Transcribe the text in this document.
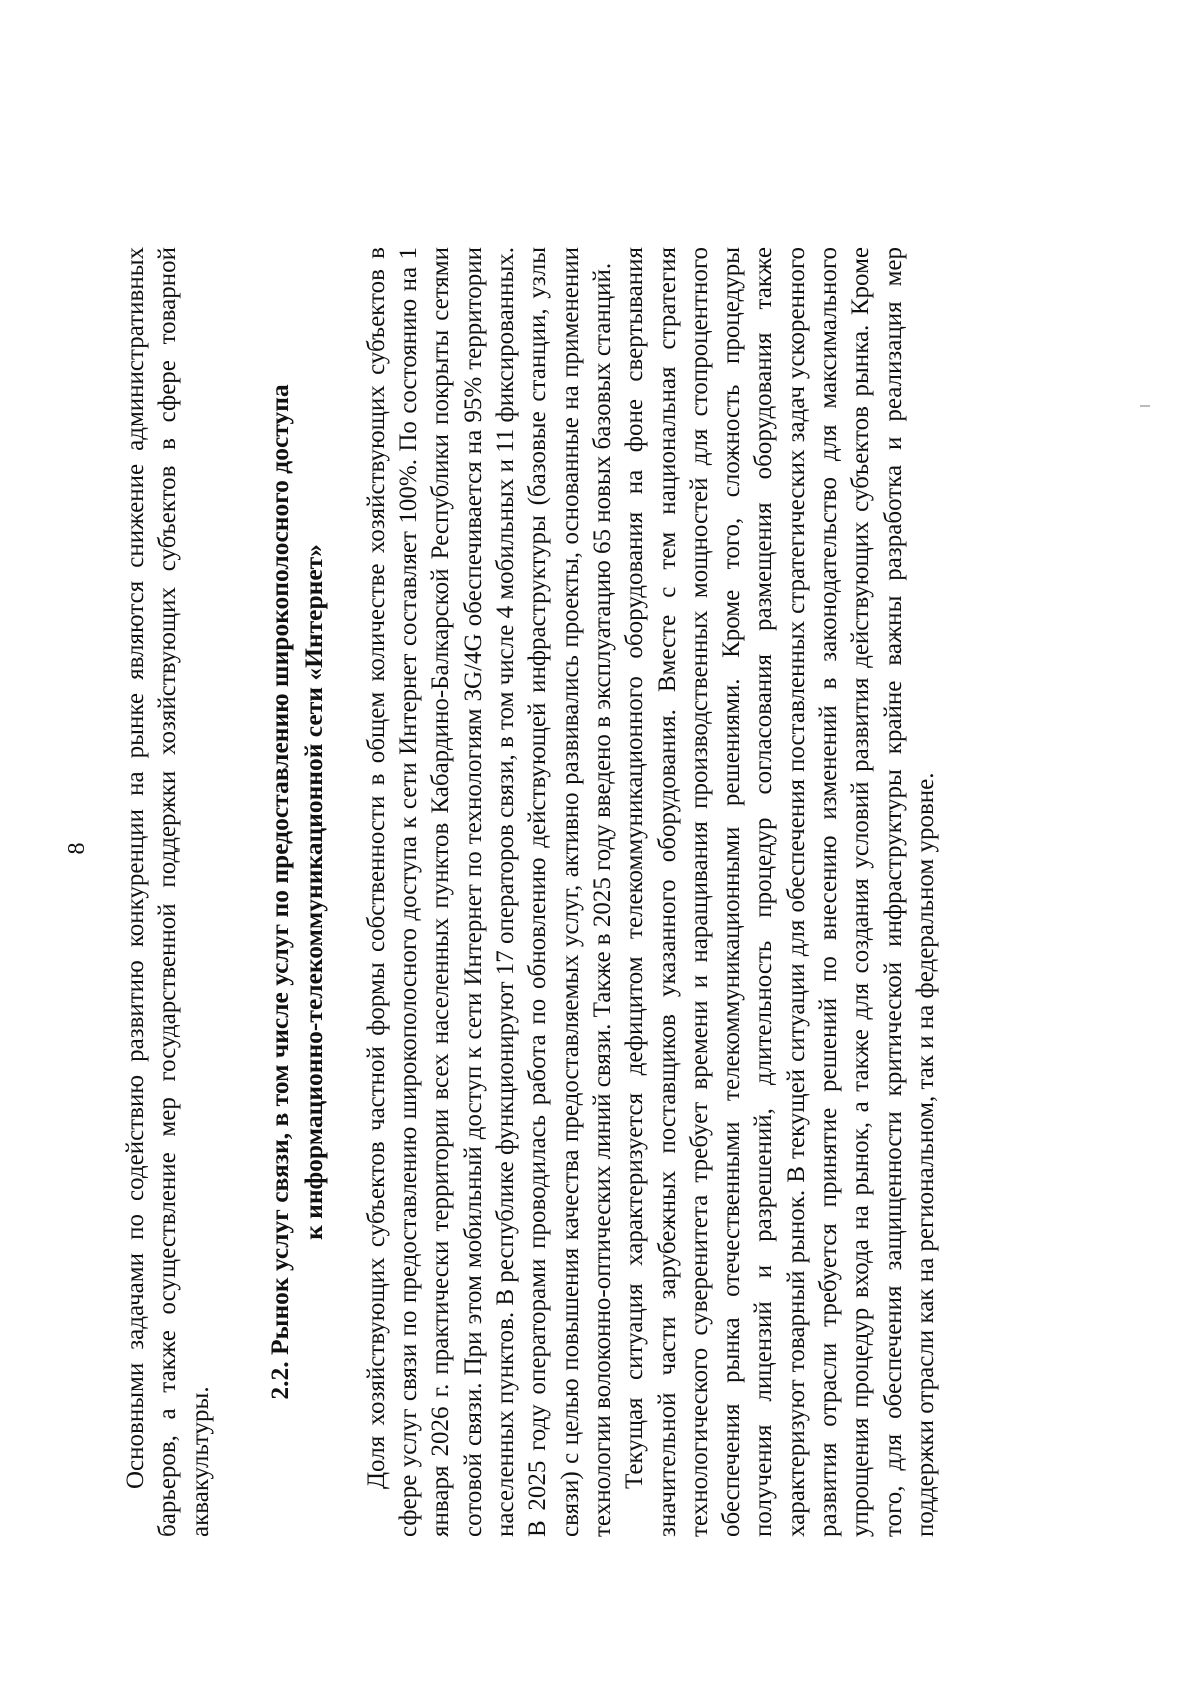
8 Основными задачами по содействию развитию конкуренции на рынке являются снижение административных барьеров, а также осуществление мер государственной поддержки хозяйствующих субъектов в сфере товарной аквакультуры.

2.2. Рынок услуг связи, в том числе услуг по предоставлению широкополосного доступа к информационно-телекоммуникационной сети «Интернет» Доля хозяйствующих субъектов частной формы собственности в общем количестве хозяйствующих субъектов в сфере услуг связи по предоставлению широкополосного доступа к сети Интернет составляет 100%. По состоянию на 1 января 2026 г. практически территории всех населенных пунктов Кабардино-Балкарской Республики покрыты сетями сотовой связи. При этом мобильный доступ к сети Интернет по технологиям 3G/4G обеспечивается на 95% территории населенных пунктов. В республике функционируют 17 операторов связи, в том числе 4 мобильных и 11 фиксированных. В 2025 году операторами проводилась работа по обновлению действующей инфраструктуры (базовые станции, узлы связи) с целью повышения качества предоставляемых услуг, активно развивались проекты, основанные на применении технологии волоконно-оптических линий связи. Также в 2025 году введено в эксплуатацию 65 новых базовых станций. Текущая ситуация характеризуется дефицитом телекоммуникационного оборудования на фоне свертывания значительной части зарубежных поставщиков указанного оборудования. Вместе с тем национальная стратегия технологического суверенитета требует времени и наращивания производственных мощностей для стопроцентного обеспечения рынка отечественными телекоммуникационными решениями. Кроме того, сложность процедуры получения лицензий и разрешений, длительность процедур согласования размещения оборудования также характеризуют товарный рынок. В текущей ситуации для обеспечения поставленных стратегических задач ускоренного развития отрасли требуется принятие решений по внесению изменений в законодательство для максимального упрощения процедур входа на рынок, а также для создания условий развития действующих субъектов рынка. Кроме того, для обеспечения защищенности критической инфраструктуры крайне важны разработка и реализация мер поддержки отрасли как на региональном, так и на федеральном уровне.
